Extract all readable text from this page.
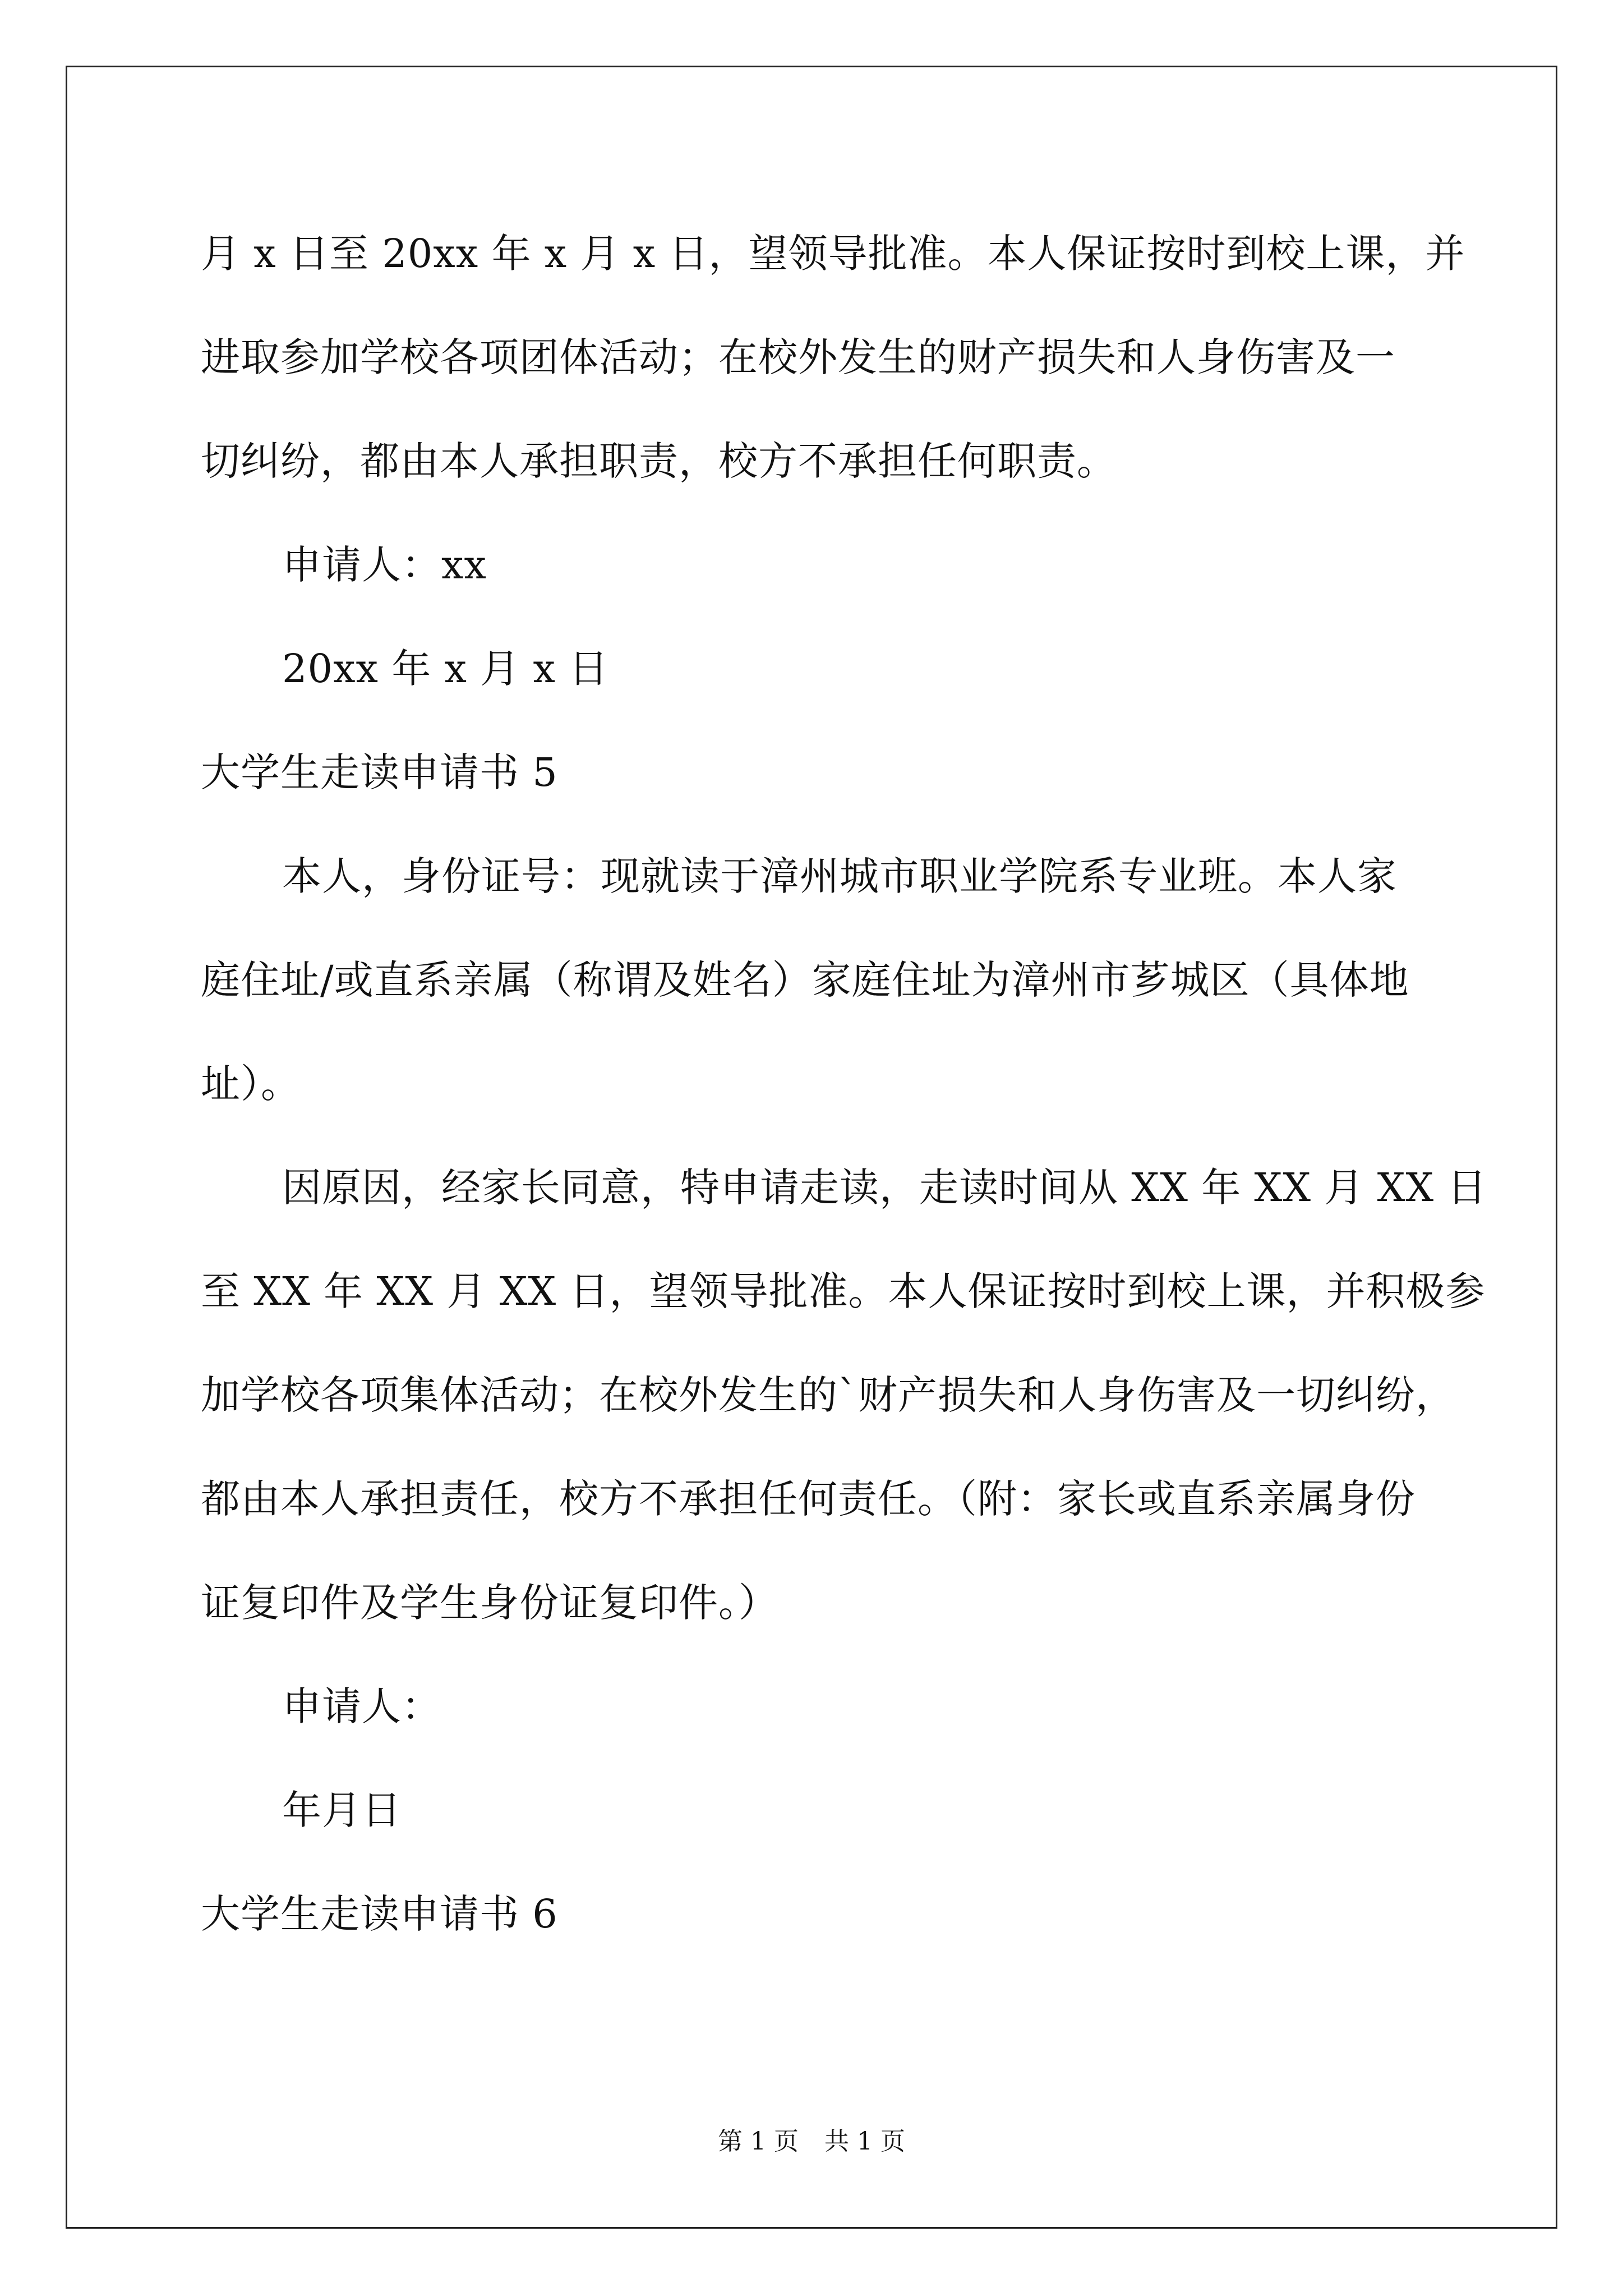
月 x 日至 20xx 年 x 月 x 日，望领导批准。本人保证按时到校上课，并
进取参加学校各项团体活动；在校外发生的财产损失和人身伤害及一
切纠纷，都由本人承担职责，校方不承担任何职责。
申请人：xx
20xx 年 x 月 x 日
大学生走读申请书 5
本人，身份证号：现就读于漳州城市职业学院系专业班。本人家
庭住址/或直系亲属（称谓及姓名）家庭住址为漳州市芗城区（具体地
址）。
因原因，经家长同意，特申请走读，走读时间从 XX 年 XX 月 XX 日
至 XX 年 XX 月 XX 日，望领导批准。本人保证按时到校上课，并积极参
加学校各项集体活动；在校外发生的`财产损失和人身伤害及一切纠纷，
都由本人承担责任，校方不承担任何责任。（附：家长或直系亲属身份
证复印件及学生身份证复印件。）
申请人：
年月日
大学生走读申请书 6
第 1 页 共 1 页
